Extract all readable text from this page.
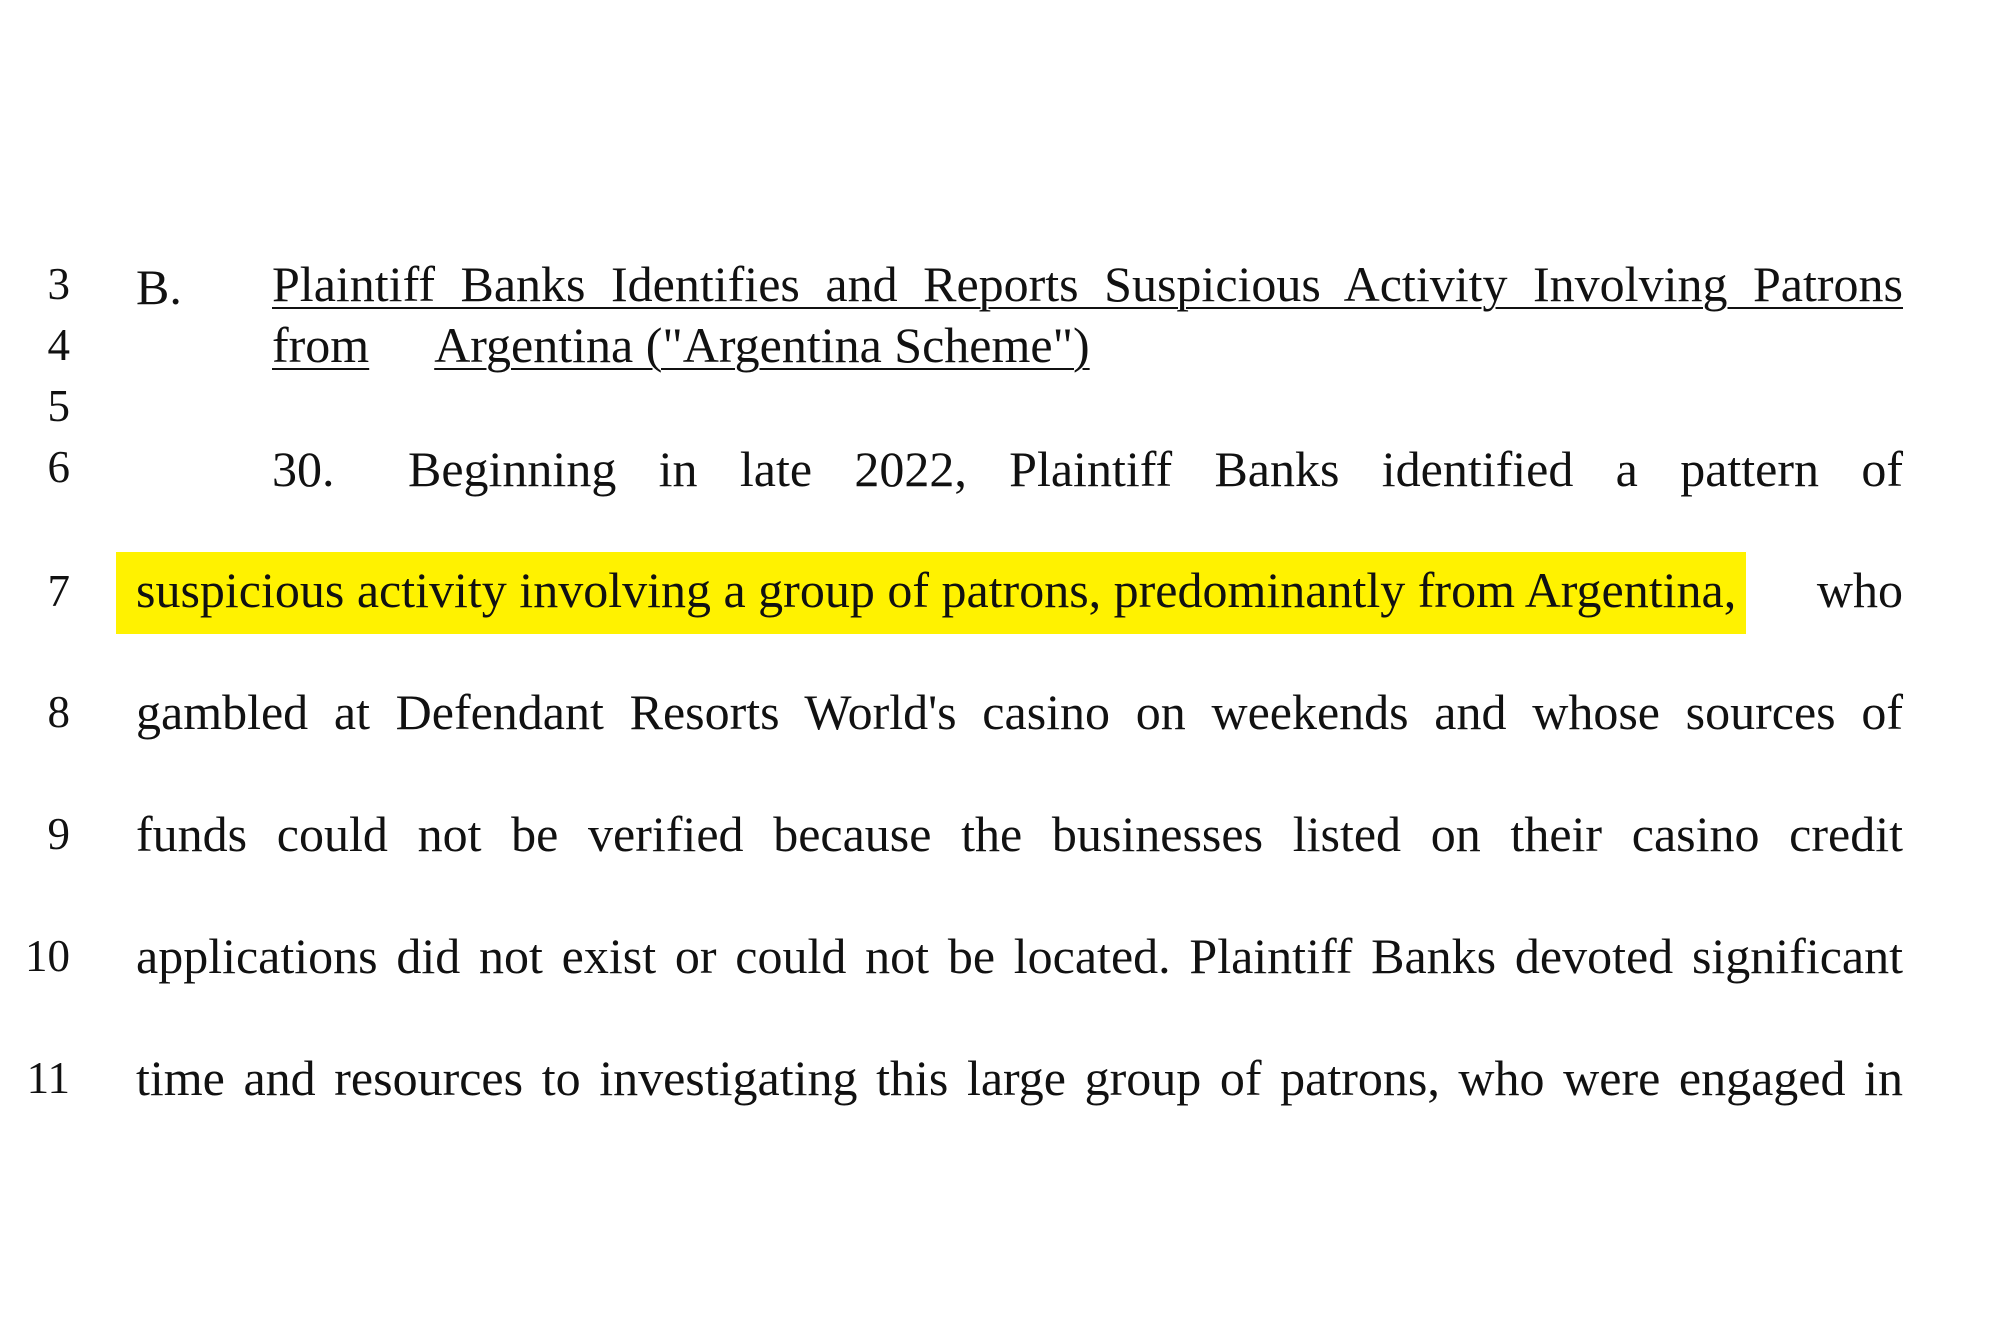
3
4
5
6
7
8
9
10
11
B. Plaintiff Banks Identifies and Reports Suspicious Activity Involving Patrons
from Argentina ("Argentina Scheme")
30. Beginning in late 2022, Plaintiff Banks identified a pattern of
suspicious activity involving a group of patrons, predominantly from Argentina, who
gambled at Defendant Resorts World's casino on weekends and whose sources of
funds could not be verified because the businesses listed on their casino credit
applications did not exist or could not be located. Plaintiff Banks devoted significant
time and resources to investigating this large group of patrons, who were engaged in
